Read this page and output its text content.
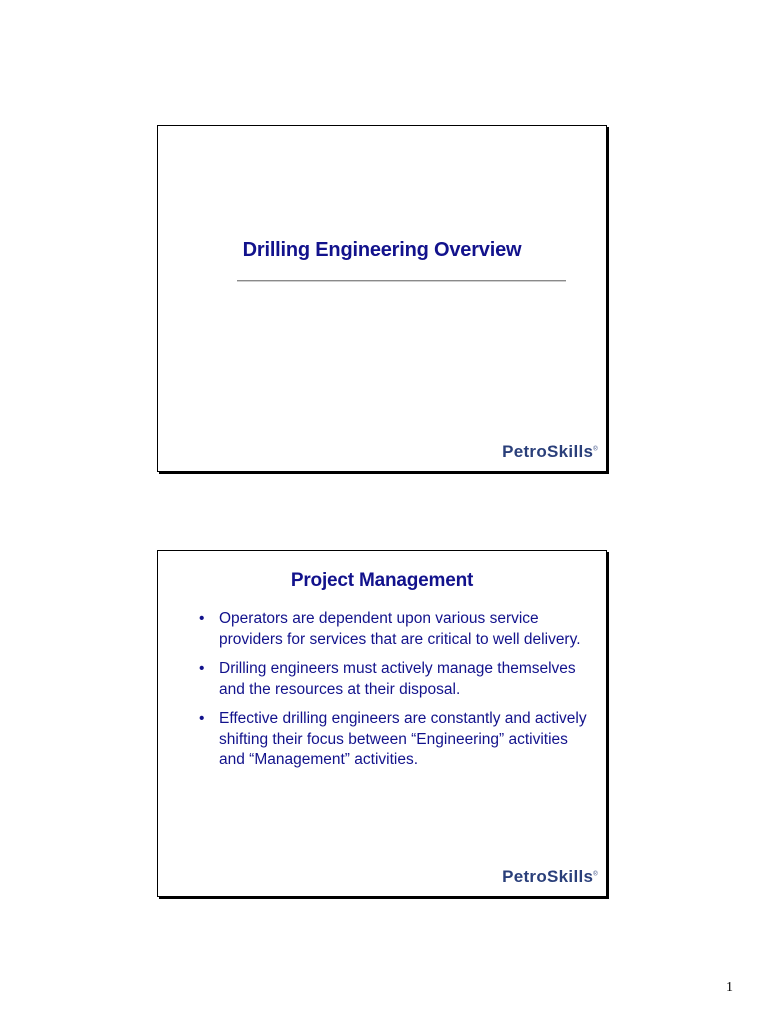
Drilling Engineering Overview
PetroSkills®
Project Management
• Operators are dependent upon various service providers for services that are critical to well delivery.
• Drilling engineers must actively manage themselves and the resources at their disposal.
• Effective drilling engineers are constantly and actively shifting their focus between “Engineering” activities and “Management” activities.
PetroSkills®
1
